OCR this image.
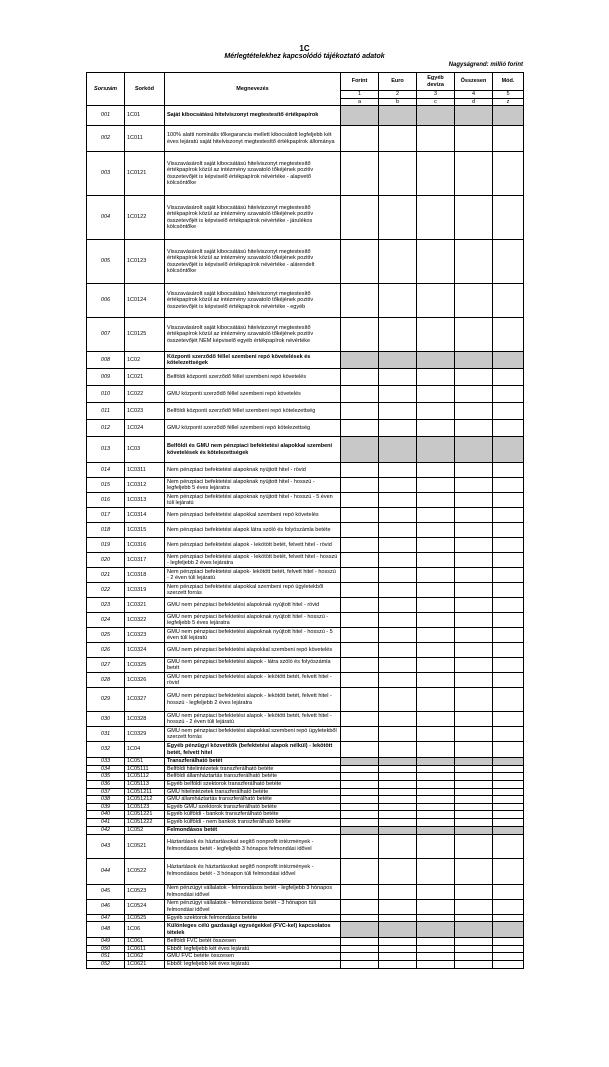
1C
Mérlegtételekhez kapcsolódó tájékoztató adatok
Nagyságrend: millió forint
Sorszám	Sorkód	Megnevezés	Forint	Euro	Egyéb deviza	Összesen	Mód.
			1	2	3	4	5
			a	b	c	d	z
001	1C01	Saját kibocsátású hitelviszonyt megtestesítő értékpapírok					
002	1C011	100% alatti nominális tőkegarancia mellett kibocsátott legfeljebb két éves lejáratú saját hitelviszonyt megtestesítő értékpapírok állománya					
003	1C0121	Visszavásárolt saját kibocsátású hitelviszonyt megtestesítő értékpapírok közül az intézmény szavatoló tőkéjének pozitív összetevőjét is képviselő értékpapírok névértéke - alapvető kölcsöntőke					
004	1C0122	Visszavásárolt saját kibocsátású hitelviszonyt megtestesítő értékpapírok közül az intézmény szavatoló tőkéjének pozitív összetevőjét is képviselő értékpapírok névértéke - járulékos kölcsöntőke					
005	1C0123	Visszavásárolt saját kibocsátású hitelviszonyt megtestesítő értékpapírok közül az intézmény szavatoló tőkéjének pozitív összetevőjét is képviselő értékpapírok névértéke - alárendelt kölcsöntőke					
006	1C0124	Visszavásárolt saját kibocsátású hitelviszonyt megtestesítő értékpapírok közül az intézmény szavatoló tőkéjének pozitív összetevőjét is képviselő értékpapírok névértéke - egyéb					
007	1C0125	Visszavásárolt saját kibocsátású hitelviszonyt megtestesítő értékpapírok közül az intézmény szavatoló tőkéjének pozitív összetevőjét NEM képviselő egyéb értékpapírok névértéke					
008	1C02	Központi szerződő féllel szembeni repó követelések és kötelezettségek					
009	1C021	Belföldi központi szerződő féllel szembeni repó követelés					
010	1C022	GMU központi szerződő féllel szembeni repó követelés					
011	1C023	Belföldi központi szerződő féllel szembeni repó kötelezettség					
012	1C024	GMU központi szerződő féllel szembeni repó kötelezettség					
013	1C03	Belföldi és GMU nem pénzpiaci befektetési alapokkal szembeni követelések és kötelezettségek					
014	1C0311	Nem pénzpiaci befektetési alapoknak nyújtott hitel - rövid					
015	1C0312	Nem pénzpiaci befektetési alapoknak nyújtott hitel - hosszú - legfeljebb 5 éves lejáratra					
016	1C0313	Nem pénzpiaci befektetési alapoknak nyújtott hitel - hosszú - 5 éven túli lejáratú					
017	1C0314	Nem pénzpiaci befektetési alapokkal szembeni repó követelés					
018	1C0315	Nem pénzpiaci befektetési alapok látra szóló és folyószámla betéte					
019	1C0316	Nem pénzpiaci befektetési alapok - lekötött betét, felvett hitel - rövid					
020	1C0317	Nem pénzpiaci befektetési alapok - lekötött betét, felvett hitel - hosszú - legfeljebb 2 éves lejáratra					
021	1C0318	Nem pénzpiaci befektetési alapok- lekötött betét, felvett hitel - hosszú - 2 éven túli lejáratú					
022	1C0319	Nem pénzpiaci befektetési alapokkal szembeni repó ügyletekből szerzett forrás					
023	1C0321	GMU nem pénzpiaci befektetési alapoknak nyújtott hitel - rövid					
024	1C0322	GMU nem pénzpiaci befektetési alapoknak nyújtott hitel - hosszú - legfeljebb 5 éves lejáratra					
025	1C0323	GMU nem pénzpiaci befektetési alapoknak nyújtott hitel - hosszú - 5 éven túli lejáratú					
026	1C0324	GMU nem pénzpiaci befektetési alapokkal szembeni repó követelés					
027	1C0325	GMU nem pénzpiaci befektetési alapok - látra szóló és folyószámla betét					
028	1C0326	GMU nem pénzpiaci befektetési alapok - lekötött betét, felvett hitel - rövid					
029	1C0327	GMU nem pénzpiaci befektetési alapok - lekötött betét, felvett hitel - hosszú - legfeljebb 2 éves lejáratra					
030	1C0328	GMU nem pénzpiaci befektetési alapok - lekötött betét, felvett hitel - hosszú - 2 éven túli lejáratú					
031	1C0329	GMU nem pénzpiaci befektetési alapokkal szembeni repó ügyletekből szerzett forrás					
032	1C04	Egyéb pénzügyi közvetítők (befektetési alapok nélkül) - lekötött betét, felvett hitel					
033	1C051	Transzferálható betét					
034	1C05111	Belföldi hitelintézetek transzferálható betéte					
035	1C05112	Belföldi államháztartás transzferálható betéte					
036	1C05113	Egyéb belföldi szektorok transzferálható betéte					
037	1C051211	GMU hitelintézetek transzferálható betéte					
038	1C051212	GMU államháztartás transzferálható betéte					
039	1C05123	Egyéb GMU szektorok transzferálható betéte					
040	1C051221	Egyéb külföldi - bankok transzferálható betéte					
041	1C051222	Egyéb külföldi - nem bankok transzferálható betéte					
042	1C052	Felmondásos betét					
043	1C0521	Háztartások és háztartásokat segítő nonprofit intézmények - felmondásos betét - legfeljebb 3 hónapos felmondási idővel					
044	1C0522	Háztartások és háztartásokat segítő nonprofit intézmények - felmondásos betét - 3 hónapon túli felmondási idővel					
045	1C0523	Nem pénzügyi vállalatok - felmondásos betét - legfeljebb 3 hónapos felmondási idővel					
046	1C0524	Nem pénzügyi vállalatok - felmondásos betét - 3 hónapon túli felmondási idővel					
047	1C0525	Egyéb szektorok felmondásos betéte					
048	1C06	Különleges célú gazdasági egységekkel (FVC-kel) kapcsolatos tételek					
049	1C061	Belföldi FVC betét összesen					
050	1C0611	Ebből: legfeljebb két éves lejáratú					
051	1C062	GMU FVC betéte összesen					
052	1C0621	Ebből: legfeljebb két éves lejáratú					
